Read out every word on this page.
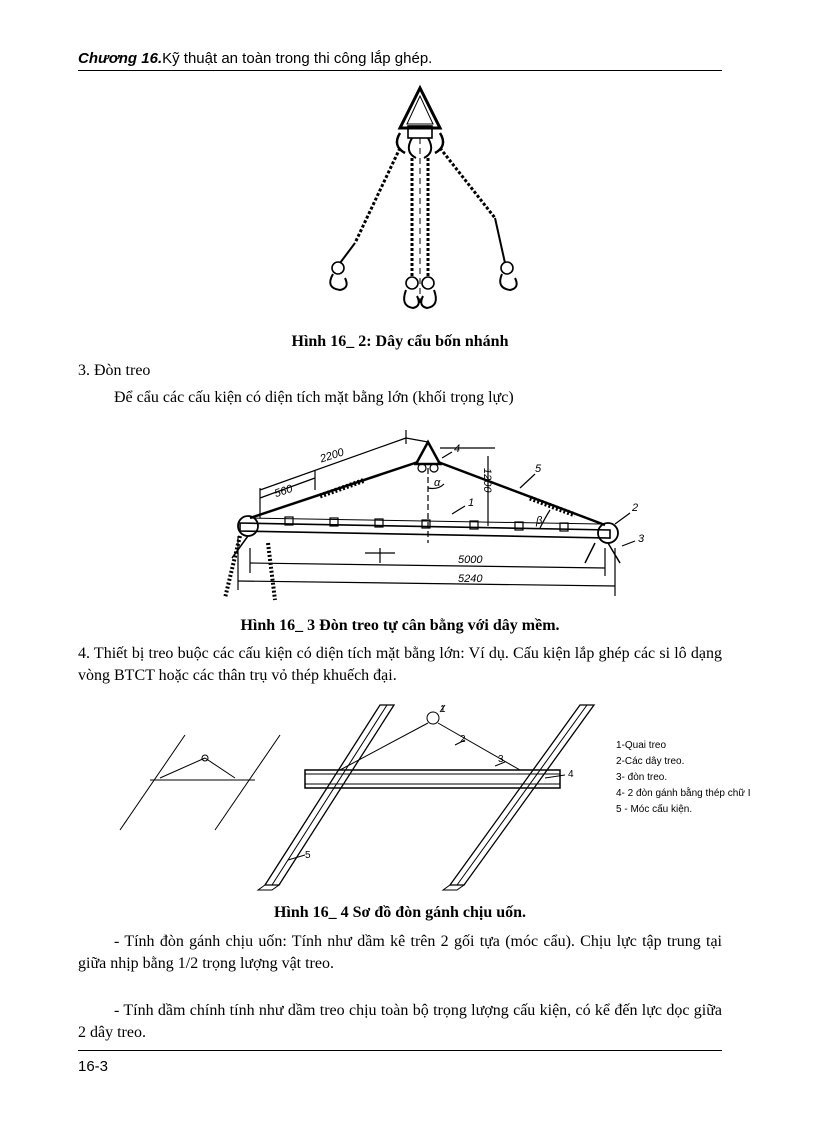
Chương 16.Kỹ thuật an toàn trong thi công lắp ghép.
Hình 16_ 2: Dây cẩu bốn nhánh
3. Đòn treo
Để cẩu các cấu kiện có diện tích mặt bằng lớn (khối trọng lực)
2200
560	1200
5000
5240
1	2
3
4
5
α
β
Hình 16_ 3 Đòn treo tự cân bằng với dây mềm.
4. Thiết bị treo buộc các cấu kiện có diện tích mặt bằng lớn: Ví dụ. Cấu kiện lắp ghép các si lô dạng vòng BTCT hoặc các thân trụ vỏ thép khuếch đại.
1
2
3
4
5
1-Quai treo
2-Các dây treo.
3- đòn treo.
4- 2 đòn gánh bằng thép chữ I
5 - Móc cấu kiện.
Hình 16_ 4 Sơ đồ đòn gánh chịu uốn.
- Tính đòn gánh chịu uốn: Tính như dầm kê trên 2 gối tựa (móc cẩu). Chịu lực tập trung tại giữa nhịp bằng 1/2 trọng lượng vật treo.
- Tính dầm chính tính như dầm treo chịu toàn bộ trọng lượng cấu kiện, có kể đến lực dọc giữa 2 dây treo.
16-3
